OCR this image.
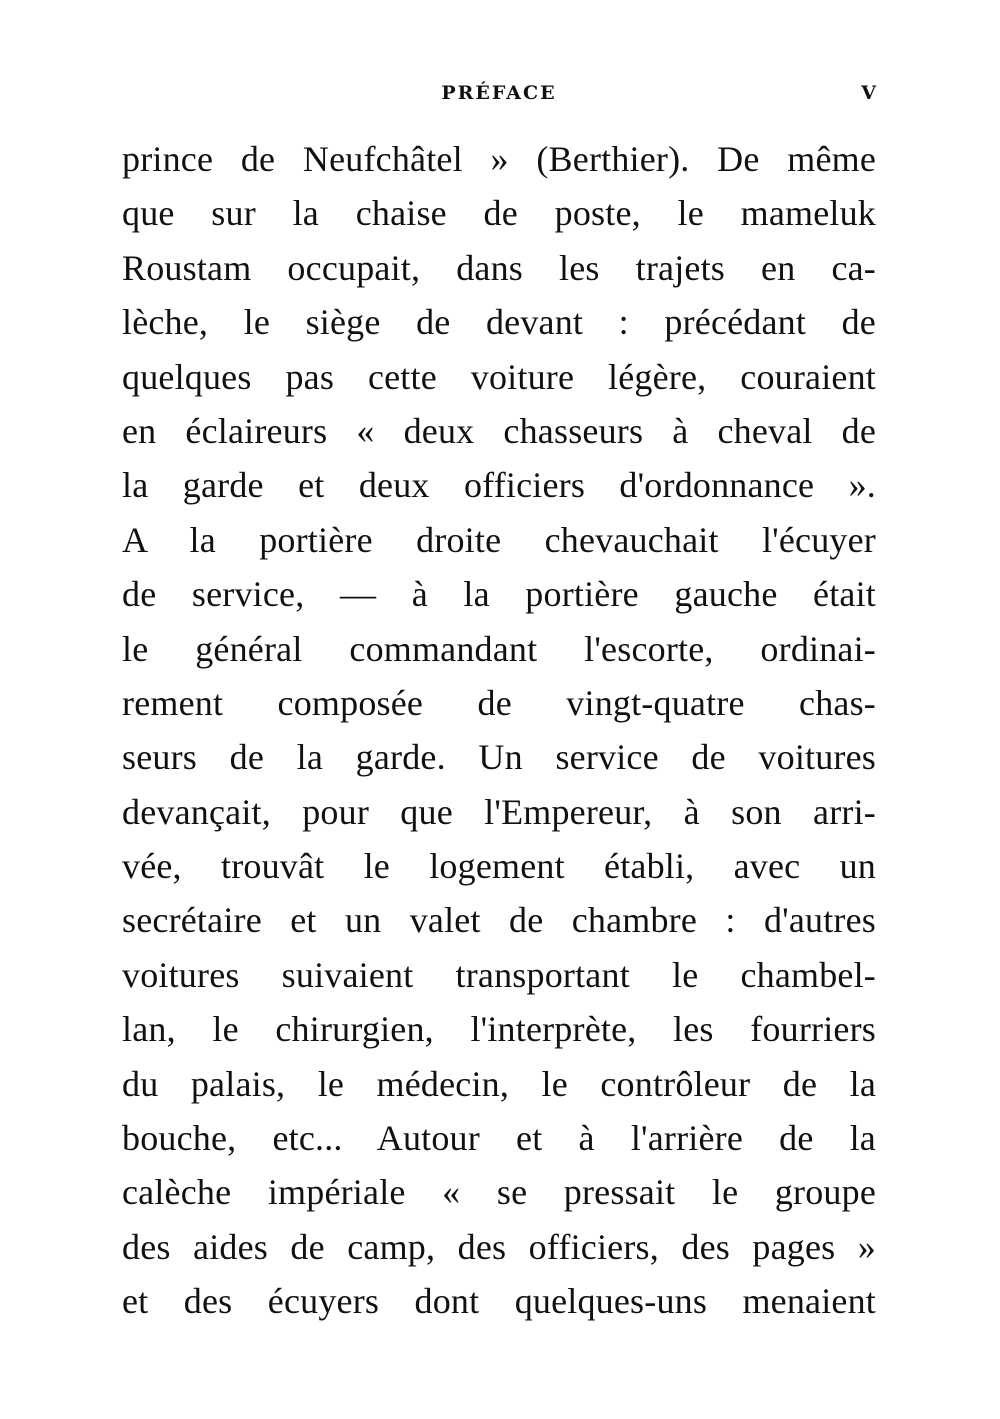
PRÉFACE	V
prince de Neufchâtel » (Berthier). De même
que sur la chaise de poste, le mameluk
Roustam occupait, dans les trajets en ca-
lèche, le siège de devant : précédant de
quelques pas cette voiture légère, couraient
en éclaireurs « deux chasseurs à cheval de
la garde et deux officiers d'ordonnance ».
A la portière droite chevauchait l'écuyer
de service, — à la portière gauche était
le général commandant l'escorte, ordinai-
rement composée de vingt-quatre chas-
seurs de la garde. Un service de voitures
devançait, pour que l'Empereur, à son arri-
vée, trouvât le logement établi, avec un
secrétaire et un valet de chambre : d'autres
voitures suivaient transportant le chambel-
lan, le chirurgien, l'interprète, les fourriers
du palais, le médecin, le contrôleur de la
bouche, etc... Autour et à l'arrière de la
calèche impériale « se pressait le groupe
des aides de camp, des officiers, des pages »
et des écuyers dont quelques-uns menaient
